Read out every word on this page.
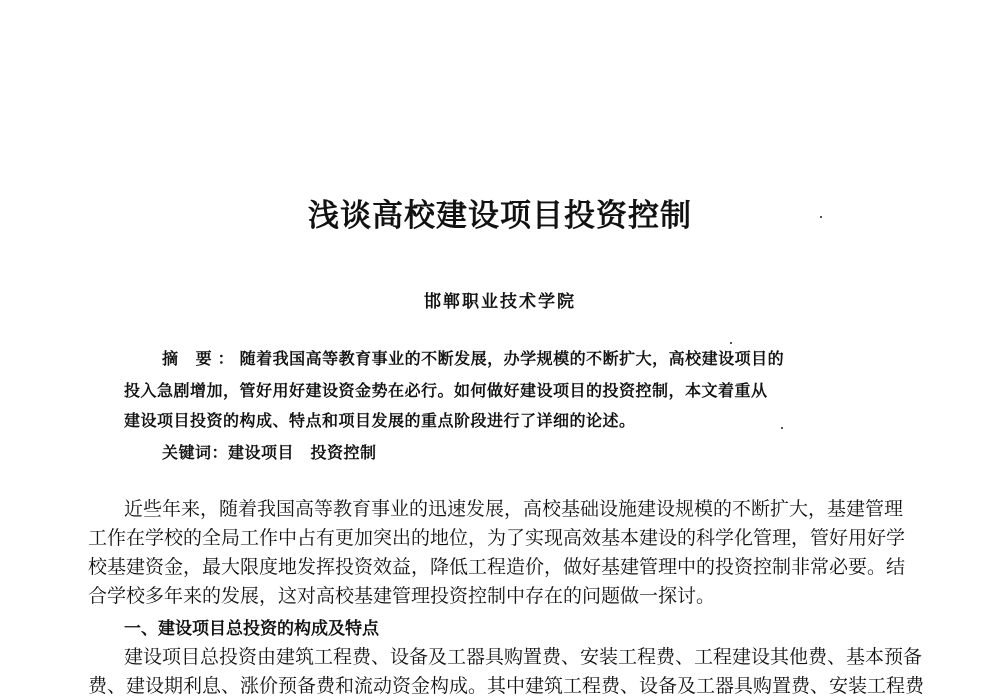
浅谈高校建设项目投资控制
邯郸职业技术学院
摘 要：随着我国高等教育事业的不断发展，办学规模的不断扩大，高校建设项目的
投入急剧增加，管好用好建设资金势在必行。如何做好建设项目的投资控制，本文着重从
建设项目投资的构成、特点和项目发展的重点阶段进行了详细的论述。
关键词：建设项目　投资控制
近些年来，随着我国高等教育事业的迅速发展，高校基础设施建设规模的不断扩大，基建管理
工作在学校的全局工作中占有更加突出的地位，为了实现高效基本建设的科学化管理，管好用好学
校基建资金，最大限度地发挥投资效益，降低工程造价，做好基建管理中的投资控制非常必要。结
合学校多年来的发展，这对高校基建管理投资控制中存在的问题做一探讨。
一、建设项目总投资的构成及特点
建设项目总投资由建筑工程费、设备及工器具购置费、安装工程费、工程建设其他费、基本预备
费、建设期利息、涨价预备费和流动资金构成。其中建筑工程费、设备及工器具购置费、安装工程费
